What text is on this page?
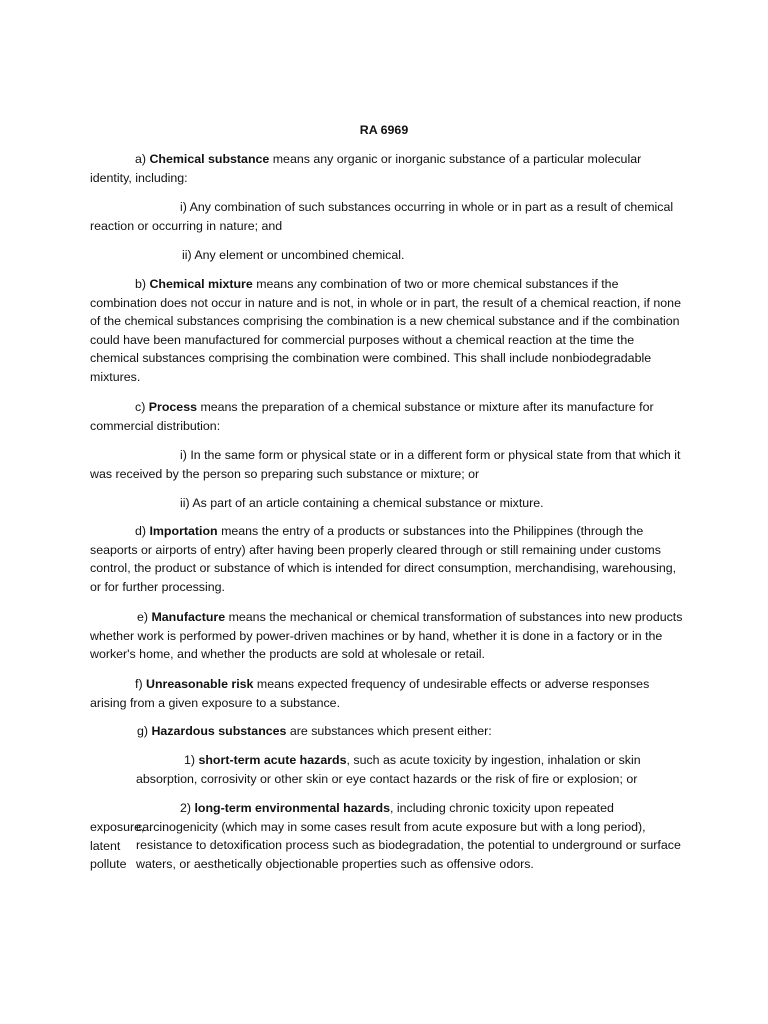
RA 6969

a) Chemical substance means any organic or inorganic substance of a particular molecular identity, including:

i) Any combination of such substances occurring in whole or in part as a result of chemical reaction or occurring in nature; and

ii) Any element or uncombined chemical.

b) Chemical mixture means any combination of two or more chemical substances if the combination does not occur in nature and is not, in whole or in part, the result of a chemical reaction, if none of the chemical substances comprising the combination is a new chemical substance and if the combination could have been manufactured for commercial purposes without a chemical reaction at the time the chemical substances comprising the combination were combined. This shall include nonbiodegradable mixtures.

c) Process means the preparation of a chemical substance or mixture after its manufacture for commercial distribution:

i) In the same form or physical state or in a different form or physical state from that which it was received by the person so preparing such substance or mixture; or

ii) As part of an article containing a chemical substance or mixture.

d) Importation means the entry of a products or substances into the Philippines (through the seaports or airports of entry) after having been properly cleared through or still remaining under customs control, the product or substance of which is intended for direct consumption, merchandising, warehousing, or for further processing.

e) Manufacture means the mechanical or chemical transformation of substances into new products whether work is performed by power-driven machines or by hand, whether it is done in a factory or in the worker's home, and whether the products are sold at wholesale or retail.

f) Unreasonable risk means expected frequency of undesirable effects or adverse responses arising from a given exposure to a substance.

g) Hazardous substances are substances which present either:

1) short-term acute hazards, such as acute toxicity by ingestion, inhalation or skin absorption, corrosivity or other skin or eye contact hazards or the risk of fire or explosion; or

2) long-term environmental hazards, including chronic toxicity upon repeated carcinogenicity (which may in some cases result from acute exposure but with a long period), resistance to detoxification process such as biodegradation, the potential to underground or surface waters, or aesthetically objectionable properties such as offensive odors.

exposure,

latent

pollute
